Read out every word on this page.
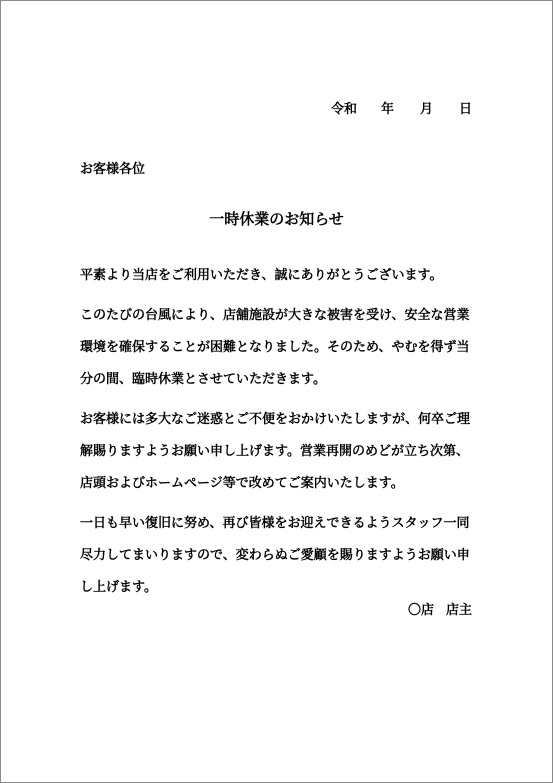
令和 年 月 日
お客様各位
一時休業のお知らせ

平素より当店をご利用いただき、誠にありがとうございます。

このたびの台風により、店舗施設が大きな被害を受け、安全な営業
環境を確保することが困難となりました。そのため、やむを得ず当
分の間、臨時休業とさせていただきます。

お客様には多大なご迷惑とご不便をおかけいたしますが、何卒ご理
解賜りますようお願い申し上げます。営業再開のめどが立ち次第、
店頭およびホームページ等で改めてご案内いたします。

一日も早い復旧に努め、再び皆様をお迎えできるようスタッフ一同
尽力してまいりますので、変わらぬご愛顧を賜りますようお願い申
し上げます。

〇店 店主
